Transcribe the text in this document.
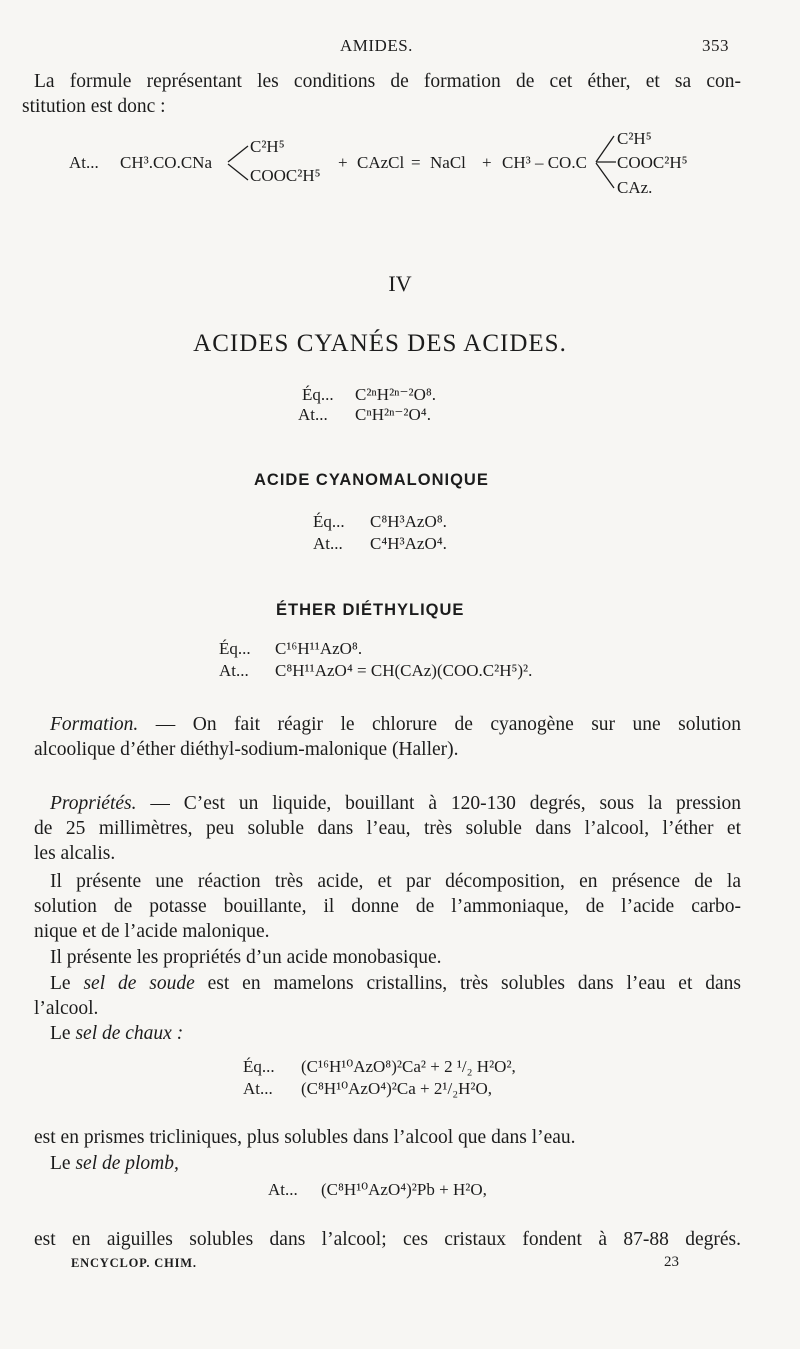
AMIDES.	353
La formule représentant les conditions de formation de cet éther, et sa con-
stitution est donc :
At... CH³.CO.CNa
C²H⁵
COOC²H⁵
+ CAzCl = NaCl + CH³ – CO.C
C²H⁵
COOC²H⁵
CAz.
IV
ACIDES CYANÉS DES ACIDES.
Éq... C²ⁿH²ⁿ⁻²O⁸.
At... CⁿH²ⁿ⁻²O⁴.
ACIDE CYANOMALONIQUE
Éq... C⁸H³AzO⁸.
At... C⁴H³AzO⁴.
ÉTHER DIÉTHYLIQUE
Éq... C¹⁶H¹¹AzO⁸.
At... C⁸H¹¹AzO⁴ = CH(CAz)(COO.C²H⁵)².
Formation. — On fait réagir le chlorure de cyanogène sur une solution
alcoolique d’éther diéthyl-sodium-malonique (Haller).
Propriétés. — C’est un liquide, bouillant à 120-130 degrés, sous la pression
de 25 millimètres, peu soluble dans l’eau, très soluble dans l’alcool, l’éther et
les alcalis.
Il présente une réaction très acide, et par décomposition, en présence de la
solution de potasse bouillante, il donne de l’ammoniaque, de l’acide carbo-
nique et de l’acide malonique.
Il présente les propriétés d’un acide monobasique.
Le sel de soude est en mamelons cristallins, très solubles dans l’eau et dans
l’alcool.
Le sel de chaux :
Éq... (C¹⁶H¹⁰AzO⁸)²Ca² + 2 ¹/₂ H²O²,
At... (C⁸H¹⁰AzO⁴)²Ca + 2¹/₂H²O,
est en prismes tricliniques, plus solubles dans l’alcool que dans l’eau.
Le sel de plomb,
At... (C⁸H¹⁰AzO⁴)²Pb + H²O,
est en aiguilles solubles dans l’alcool; ces cristaux fondent à 87-88 degrés.
ENCYCLOP. CHIM.	23
